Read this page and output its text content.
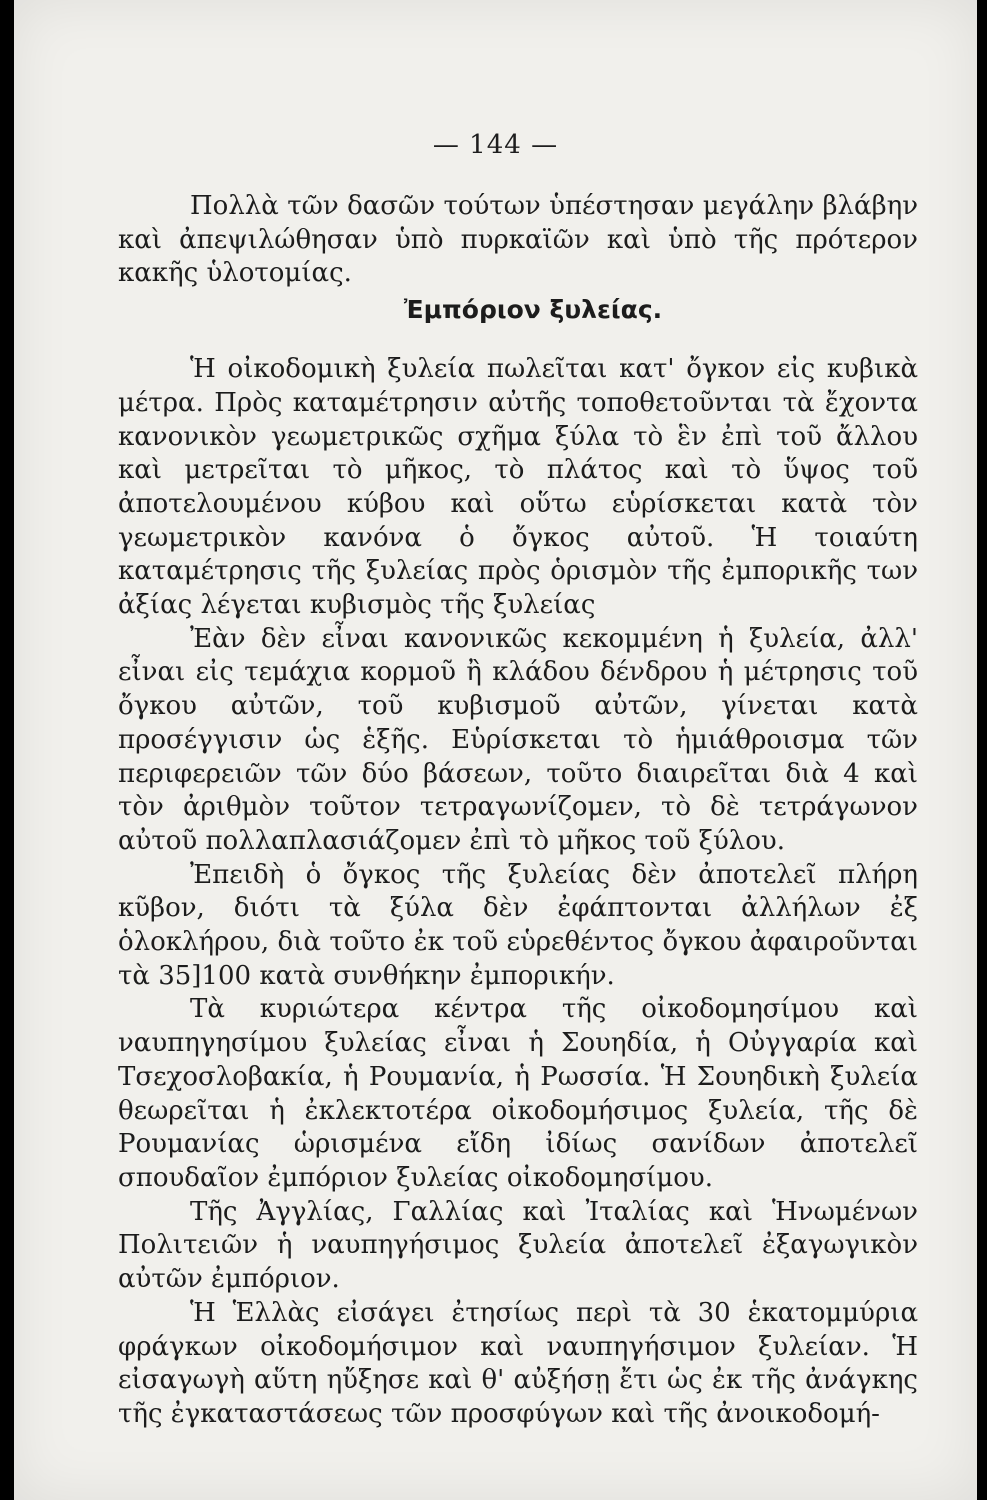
— 144 —

Πολλὰ τῶν δασῶν τούτων ὑπέστησαν μεγάλην βλάβην καὶ ἀπεψιλώθησαν ὑπὸ πυρκαϊῶν καὶ ὑπὸ τῆς πρότερον κακῆς ὑλοτομίας.

Ἐμπόριον ξυλείας.

Ἡ οἰκοδομικὴ ξυλεία πωλεῖται κατ' ὄγκον εἰς κυβικὰ μέτρα. Πρὸς καταμέτρησιν αὐτῆς τοποθετοῦνται τὰ ἔχοντα κανονικὸν γεωμετρικῶς σχῆμα ξύλα τὸ ἓν ἐπὶ τοῦ ἄλλου καὶ μετρεῖται τὸ μῆκος, τὸ πλάτος καὶ τὸ ὕψος τοῦ ἀποτελουμένου κύβου καὶ οὕτω εὑρίσκεται κατὰ τὸν γεωμετρικὸν κανόνα ὁ ὄγκος αὐτοῦ. Ἡ τοιαύτη καταμέτρησις τῆς ξυλείας πρὸς ὁρισμὸν τῆς ἐμπορικῆς των ἀξίας λέγεται κυβισμὸς τῆς ξυλείας

Ἐὰν δὲν εἶναι κανονικῶς κεκομμένη ἡ ξυλεία, ἀλλ' εἶναι εἰς τεμάχια κορμοῦ ἢ κλάδου δένδρου ἡ μέτρησις τοῦ ὄγκου αὐτῶν, τοῦ κυβισμοῦ αὐτῶν, γίνεται κατὰ προσέγγισιν ὡς ἑξῆς. Εὑρίσκεται τὸ ἡμιάθροισμα τῶν περιφερειῶν τῶν δύο βάσεων, τοῦτο διαιρεῖται διὰ 4 καὶ τὸν ἀριθμὸν τοῦτον τετραγωνίζομεν, τὸ δὲ τετράγωνον αὐτοῦ πολλαπλασιάζομεν ἐπὶ τὸ μῆκος τοῦ ξύλου.

Ἐπειδὴ ὁ ὄγκος τῆς ξυλείας δὲν ἀποτελεῖ πλήρη κῦβον, διότι τὰ ξύλα δὲν ἐφάπτονται ἀλλήλων ἐξ ὁλοκλήρου, διὰ τοῦτο ἐκ τοῦ εὑρεθέντος ὄγκου ἀφαιροῦνται τὰ 35]100 κατὰ συνθήκην ἐμπορικήν.

Τὰ κυριώτερα κέντρα τῆς οἰκοδομησίμου καὶ ναυπηγησίμου ξυλείας εἶναι ἡ Σουηδία, ἡ Οὐγγαρία καὶ Τσεχοσλοβακία, ἡ Ρουμανία, ἡ Ρωσσία. Ἡ Σουηδικὴ ξυλεία θεωρεῖται ἡ ἐκλεκτοτέρα οἰκοδομήσιμος ξυλεία, τῆς δὲ Ρουμανίας ὡρισμένα εἴδη ἰδίως σανίδων ἀποτελεῖ σπουδαῖον ἐμπόριον ξυλείας οἰκοδομησίμου.

Τῆς Ἀγγλίας, Γαλλίας καὶ Ἰταλίας καὶ Ἡνωμένων Πολιτειῶν ἡ ναυπηγήσιμος ξυλεία ἀποτελεῖ ἐξαγωγικὸν αὐτῶν ἐμπόριον.

Ἡ Ἑλλὰς εἰσάγει ἐτησίως περὶ τὰ 30 ἑκατομμύρια φράγκων οἰκοδομήσιμον καὶ ναυπηγήσιμον ξυλείαν. Ἡ εἰσαγωγὴ αὕτη ηὔξησε καὶ θ' αὐξήσῃ ἔτι ὡς ἐκ τῆς ἀνάγκης τῆς ἐγκαταστάσεως τῶν προσφύγων καὶ τῆς ἀνοικοδομή-
